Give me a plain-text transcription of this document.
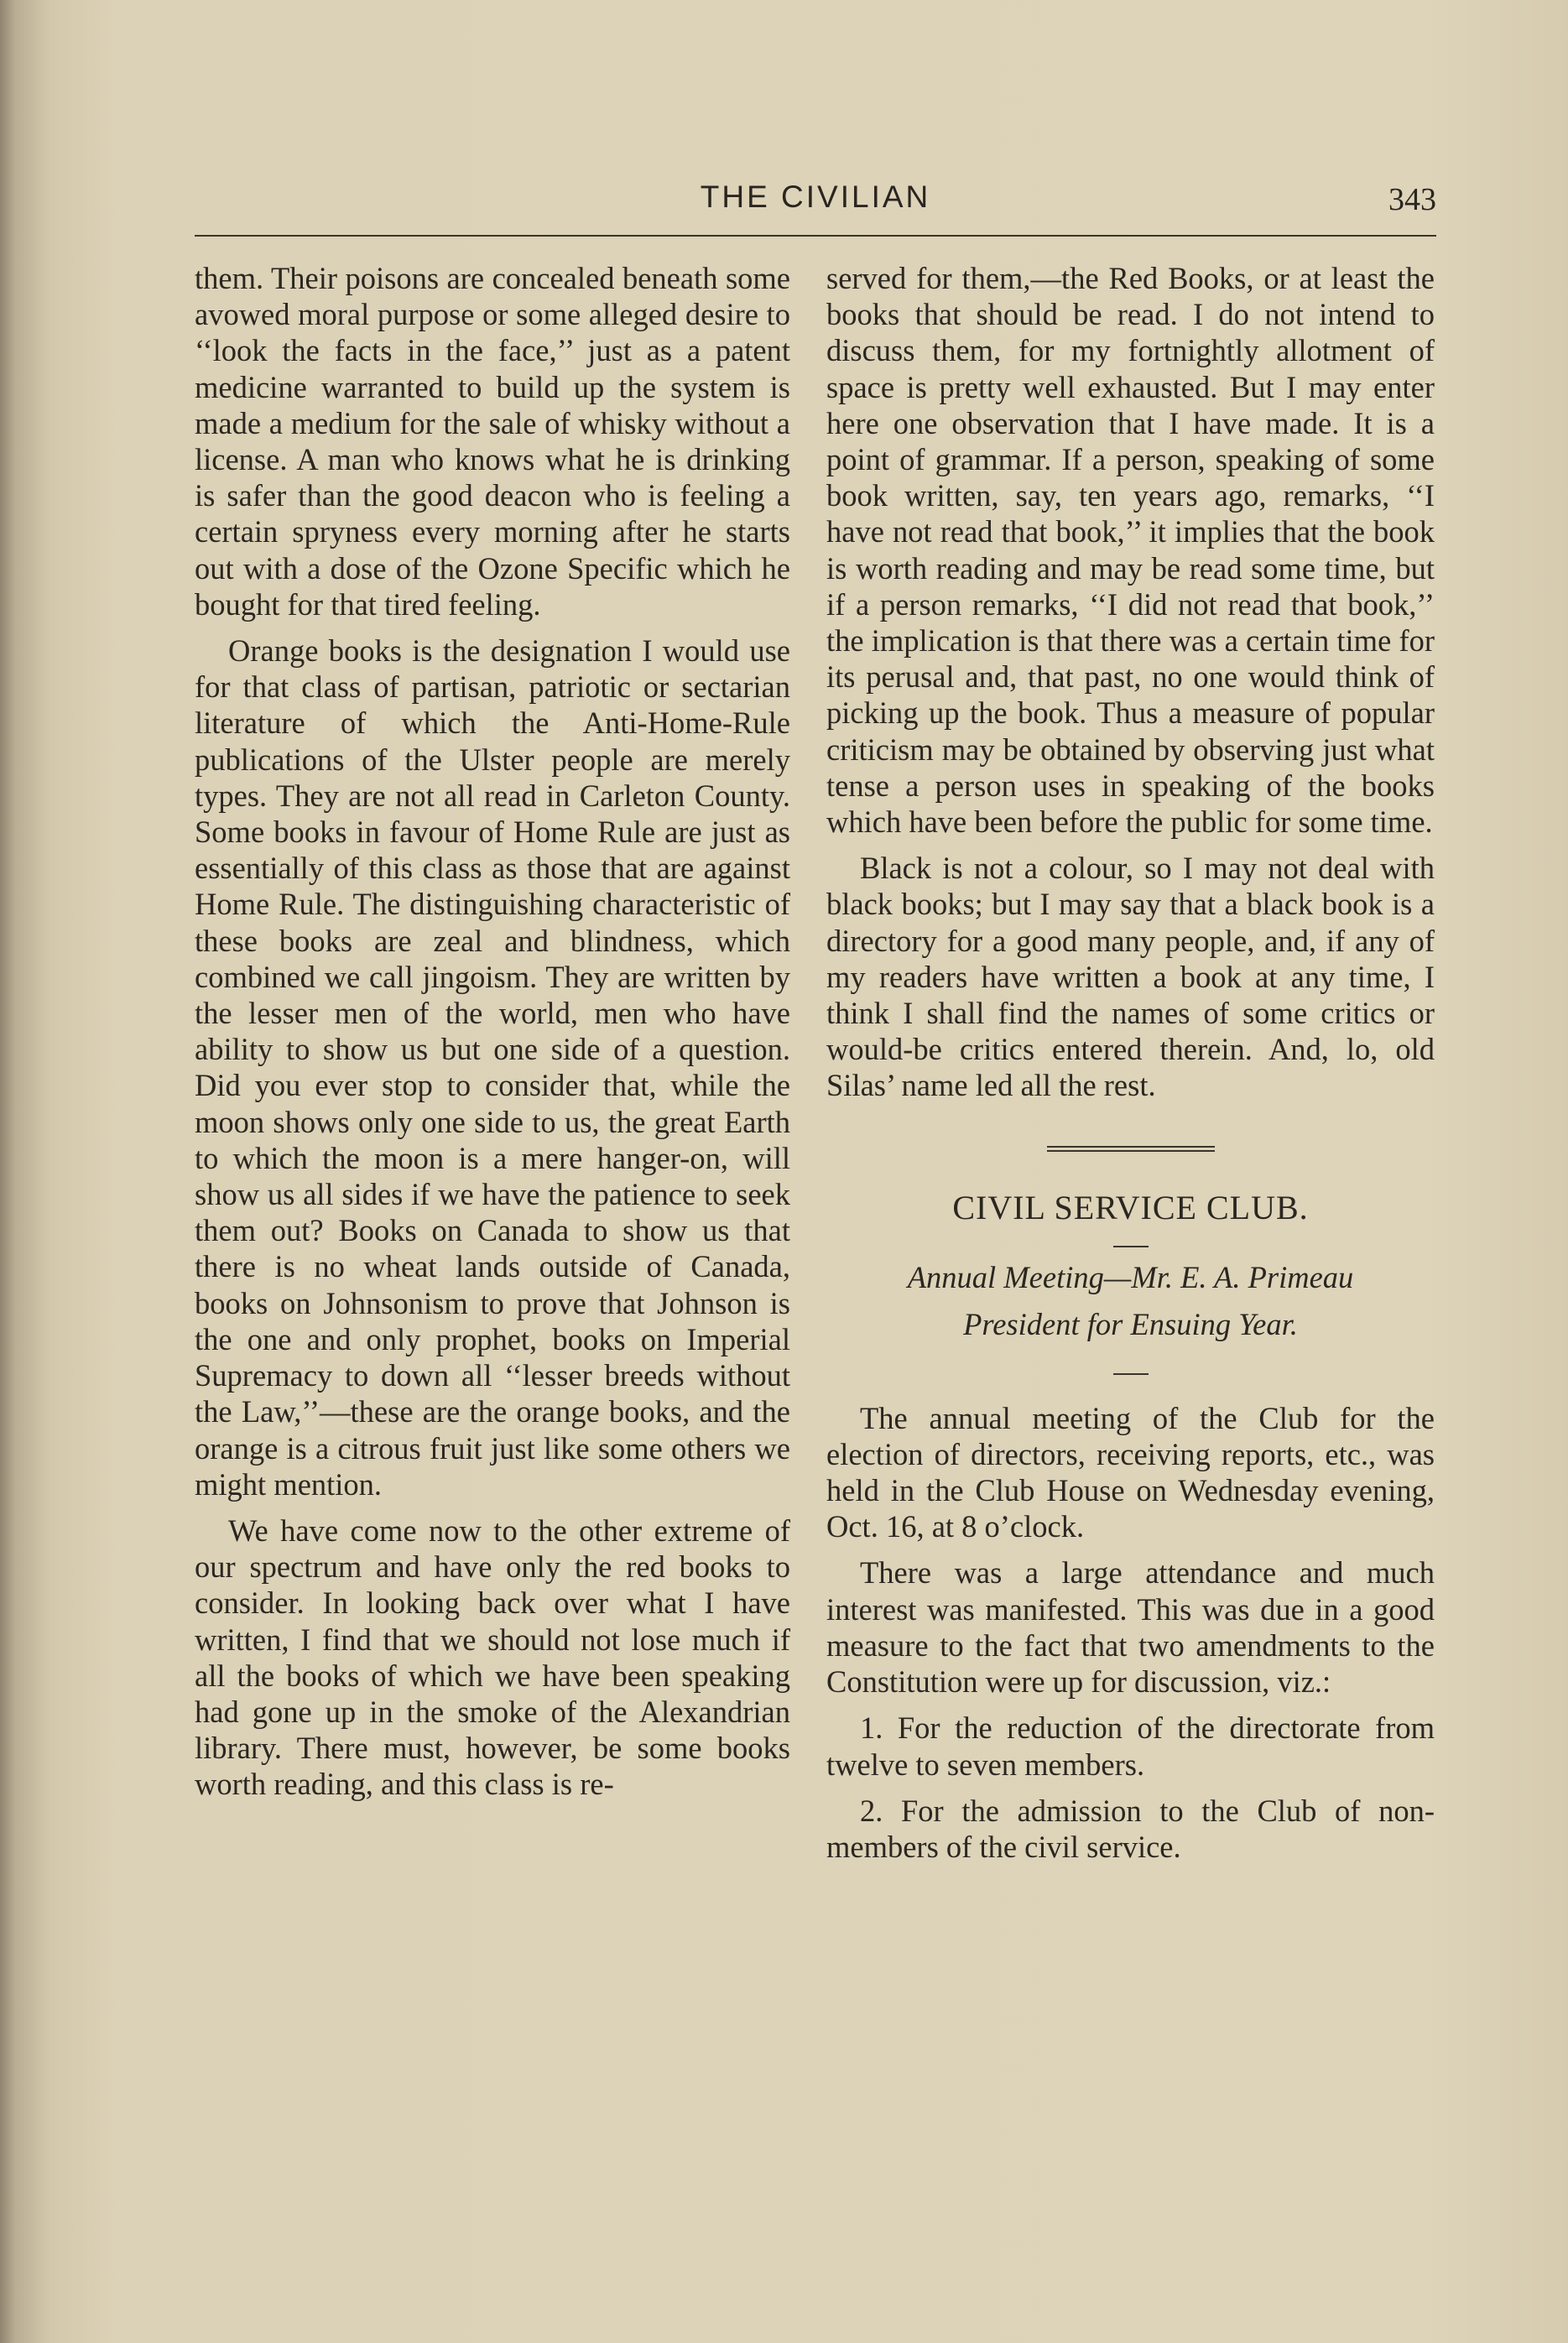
THE CIVILIAN	343

them. Their poisons are concealed beneath some avowed moral purpose or some alleged desire to ‘‘look the facts in the face,’’ just as a patent medicine warranted to build up the system is made a medium for the sale of whisky without a license. A man who knows what he is drinking is safer than the good deacon who is feeling a certain spryness every morning after he starts out with a dose of the Ozone Specific which he bought for that tired feeling.

Orange books is the designation I would use for that class of partisan, patriotic or sectarian literature of which the Anti-Home-Rule publications of the Ulster people are merely types. They are not all read in Carleton County. Some books in favour of Home Rule are just as essentially of this class as those that are against Home Rule. The distinguishing characteristic of these books are zeal and blindness, which combined we call jingoism. They are written by the lesser men of the world, men who have ability to show us but one side of a question. Did you ever stop to consider that, while the moon shows only one side to us, the great Earth to which the moon is a mere hanger-on, will show us all sides if we have the patience to seek them out? Books on Canada to show us that there is no wheat lands outside of Canada, books on Johnsonism to prove that Johnson is the one and only prophet, books on Imperial Supremacy to down all ‘‘lesser breeds without the Law,’’—these are the orange books, and the orange is a citrous fruit just like some others we might mention.

We have come now to the other extreme of our spectrum and have only the red books to consider. In looking back over what I have written, I find that we should not lose much if all the books of which we have been speaking had gone up in the smoke of the Alexandrian library. There must, however, be some books worth reading, and this class is re-

served for them,—the Red Books, or at least the books that should be read. I do not intend to discuss them, for my fortnightly allotment of space is pretty well exhausted. But I may enter here one observation that I have made. It is a point of grammar. If a person, speaking of some book written, say, ten years ago, remarks, ‘‘I have not read that book,’’ it implies that the book is worth reading and may be read some time, but if a person remarks, ‘‘I did not read that book,’’ the implication is that there was a certain time for its perusal and, that past, no one would think of picking up the book. Thus a measure of popular criticism may be obtained by observing just what tense a person uses in speaking of the books which have been before the public for some time.

Black is not a colour, so I may not deal with black books; but I may say that a black book is a directory for a good many people, and, if any of my readers have written a book at any time, I think I shall find the names of some critics or would-be critics entered therein. And, lo, old Silas’ name led all the rest.

CIVIL SERVICE CLUB.

Annual Meeting—Mr. E. A. Primeau

President for Ensuing Year.

The annual meeting of the Club for the election of directors, receiving reports, etc., was held in the Club House on Wednesday evening, Oct. 16, at 8 o’clock.

There was a large attendance and much interest was manifested. This was due in a good measure to the fact that two amendments to the Constitution were up for discussion, viz.:

1. For the reduction of the directorate from twelve to seven members.

2. For the admission to the Club of non-members of the civil service.
